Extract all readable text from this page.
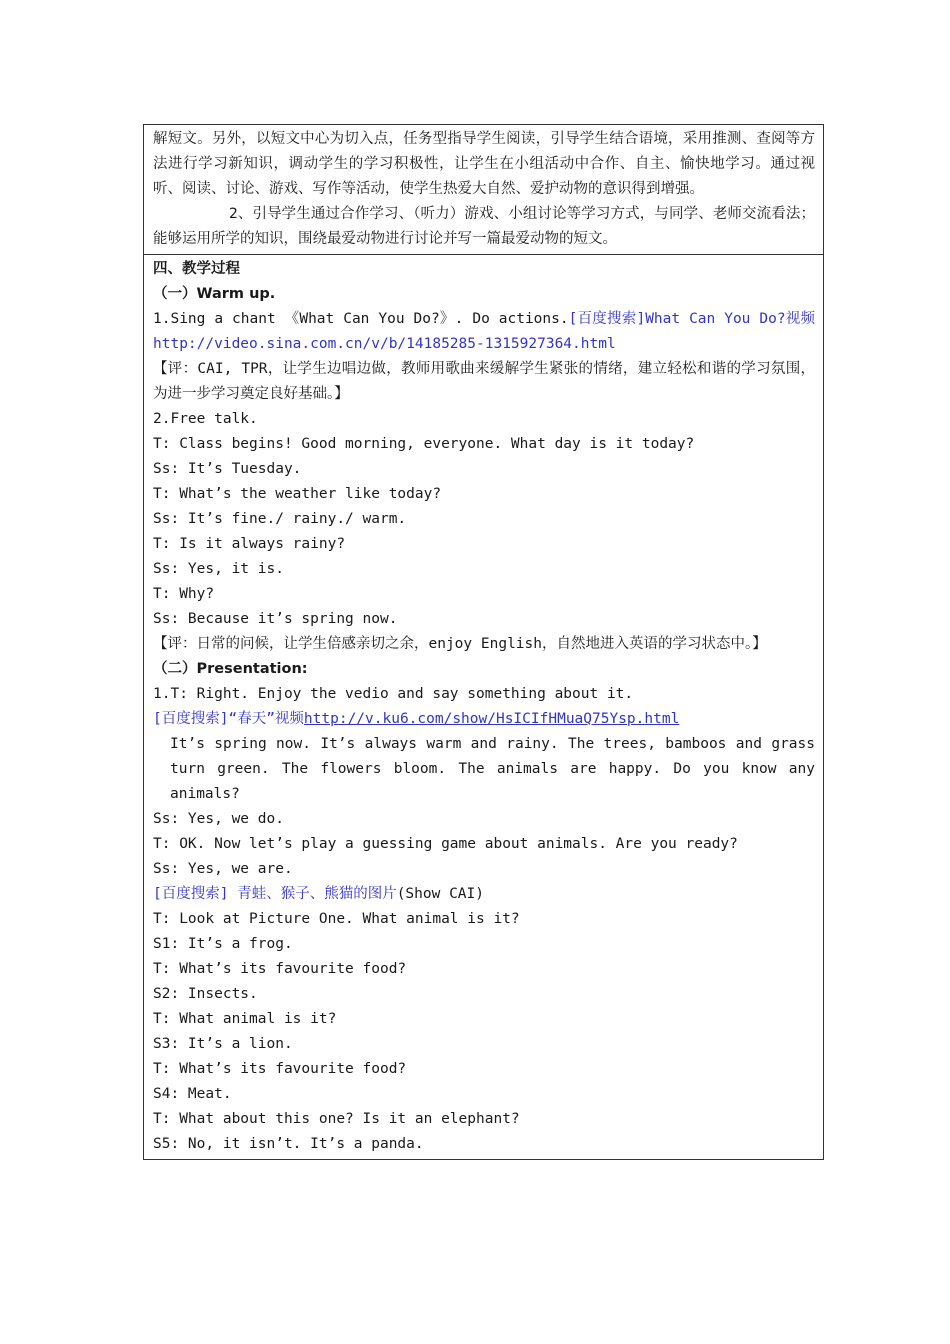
解短文。另外，以短文中心为切入点，任务型指导学生阅读，引导学生结合语境，采用推测、查阅等方法进行学习新知识，调动学生的学习积极性，让学生在小组活动中合作、自主、愉快地学习。通过视听、阅读、讨论、游戏、写作等活动，使学生热爱大自然、爱护动物的意识得到增强。

2、引导学生通过合作学习、（听力）游戏、小组讨论等学习方式，与同学、老师交流看法；能够运用所学的知识，围绕最爱动物进行讨论并写一篇最爱动物的短文。

四、教学过程
（一）Warm up.
1.Sing a chant 《What Can You Do?》. Do actions.[百度搜索]What Can You Do?视频 http://video.sina.com.cn/v/b/14185285-1315927364.html

【评：CAI, TPR，让学生边唱边做，教师用歌曲来缓解学生紧张的情绪，建立轻松和谐的学习氛围，为进一步学习奠定良好基础。】

2.Free talk.
T: Class begins! Good morning, everyone. What day is it today?
Ss: It’s Tuesday.
T: What’s the weather like today?
Ss: It’s fine./ rainy./ warm.
T: Is it always rainy?
Ss: Yes, it is.
T: Why?
Ss: Because it’s spring now.

【评：日常的问候，让学生倍感亲切之余，enjoy English，自然地进入英语的学习状态中。】

（二）Presentation:
1.T: Right. Enjoy the vedio and say something about it.
[百度搜索]“春天”视频http://v.ku6.com/show/HsICIfHMuaQ75Ysp.html

It’s spring now. It’s always warm and rainy. The trees, bamboos and grass turn green. The flowers bloom. The animals are happy. Do you know any animals?

Ss: Yes, we do.
T: OK. Now let’s play a guessing game about animals. Are you ready?
Ss: Yes, we are.
[百度搜索] 青蛙、猴子、熊猫的图片(Show CAI)
T: Look at Picture One. What animal is it?
S1: It’s a frog.
T: What’s its favourite food?
S2: Insects.
T: What animal is it?
S3: It’s a lion.
T: What’s its favourite food?
S4: Meat.
T: What about this one? Is it an elephant?
S5: No, it isn’t. It’s a panda.
